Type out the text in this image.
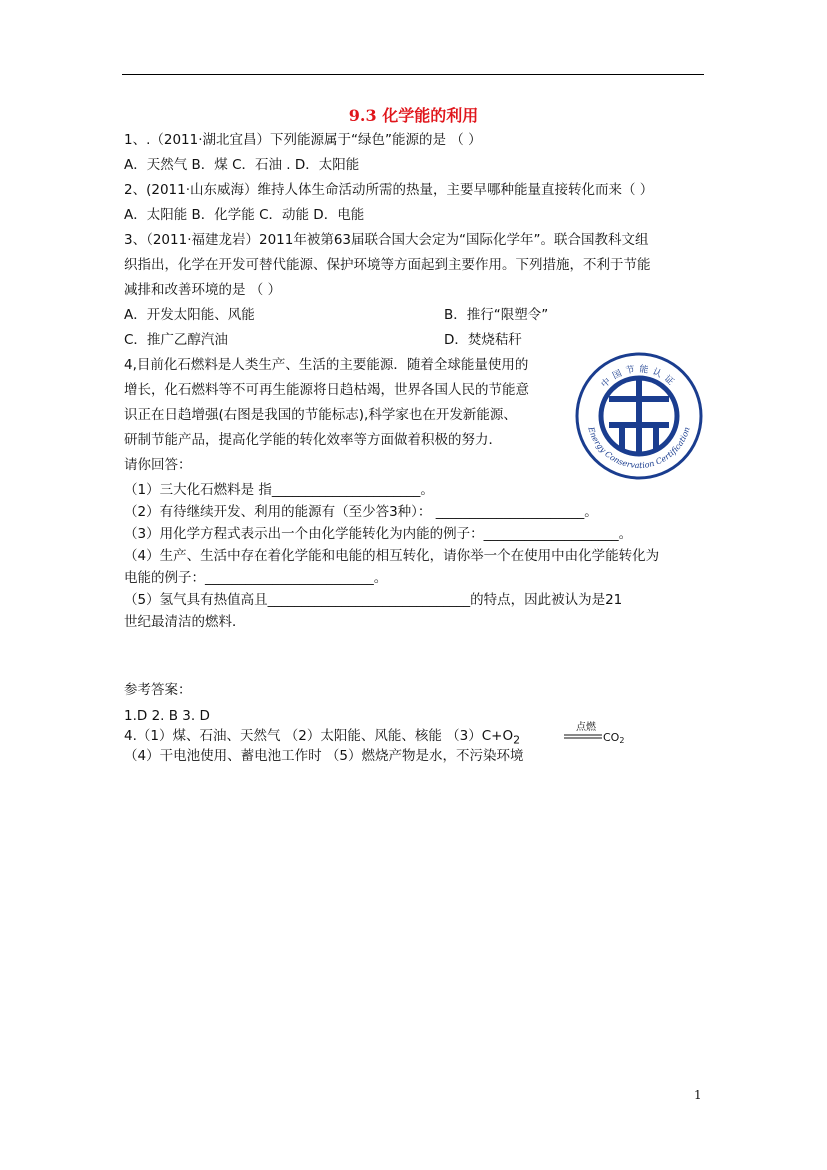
9.3 化学能的利用
1、.（2011·湖北宜昌）下列能源属于“绿色”能源的是 （ ）
A．天然气 B．煤 C．石油 . D．太阳能
2、(2011·山东威海）维持人体生命活动所需的热量，主要早哪种能量直接转化而来（ ）
A．太阳能 B．化学能 C．动能 D．电能
3、（2011·福建龙岩）2011年被第63届联合国大会定为“国际化学年”。联合国教科文组
织指出，化学在开发可替代能源、保护环境等方面起到主要作用。下列措施，不利于节能
减排和改善环境的是 （ ）
A．开发太阳能、风能	B．推行“限塑令”
C．推广乙醇汽油	D．焚烧秸秆
4,目前化石燃料是人类生产、生活的主要能源．随着全球能量使用的
增长，化石燃料等不可再生能源将日趋枯竭，世界各国人民的节能意
识正在日趋增强(右图是我国的节能标志),科学家也在开发新能源、
研制节能产品，提高化学能的转化效率等方面做着积极的努力．
请你回答：
中国节能认证
Energy Conservation Certification
（1）三大化石燃料是 指______________________。
（2）有待继续开发、利用的能源有（至少答3种）： ______________________。
（3）用化学方程式表示出一个由化学能转化为内能的例子：____________________。
（4）生产、生活中存在着化学能和电能的相互转化，请你举一个在使用中由化学能转化为
电能的例子：_________________________。
（5）氢气具有热值高且______________________________的特点，因此被认为是21
世纪最清洁的燃料．
参考答案：
1.D 2. B 3. D
4.（1）煤、石油、天然气 （2）太阳能、风能、核能 $(3)C+O_2$
点燃
CO2
（4）干电池使用、蓄电池工作时 （5）燃烧产物是水，不污染环境
1
